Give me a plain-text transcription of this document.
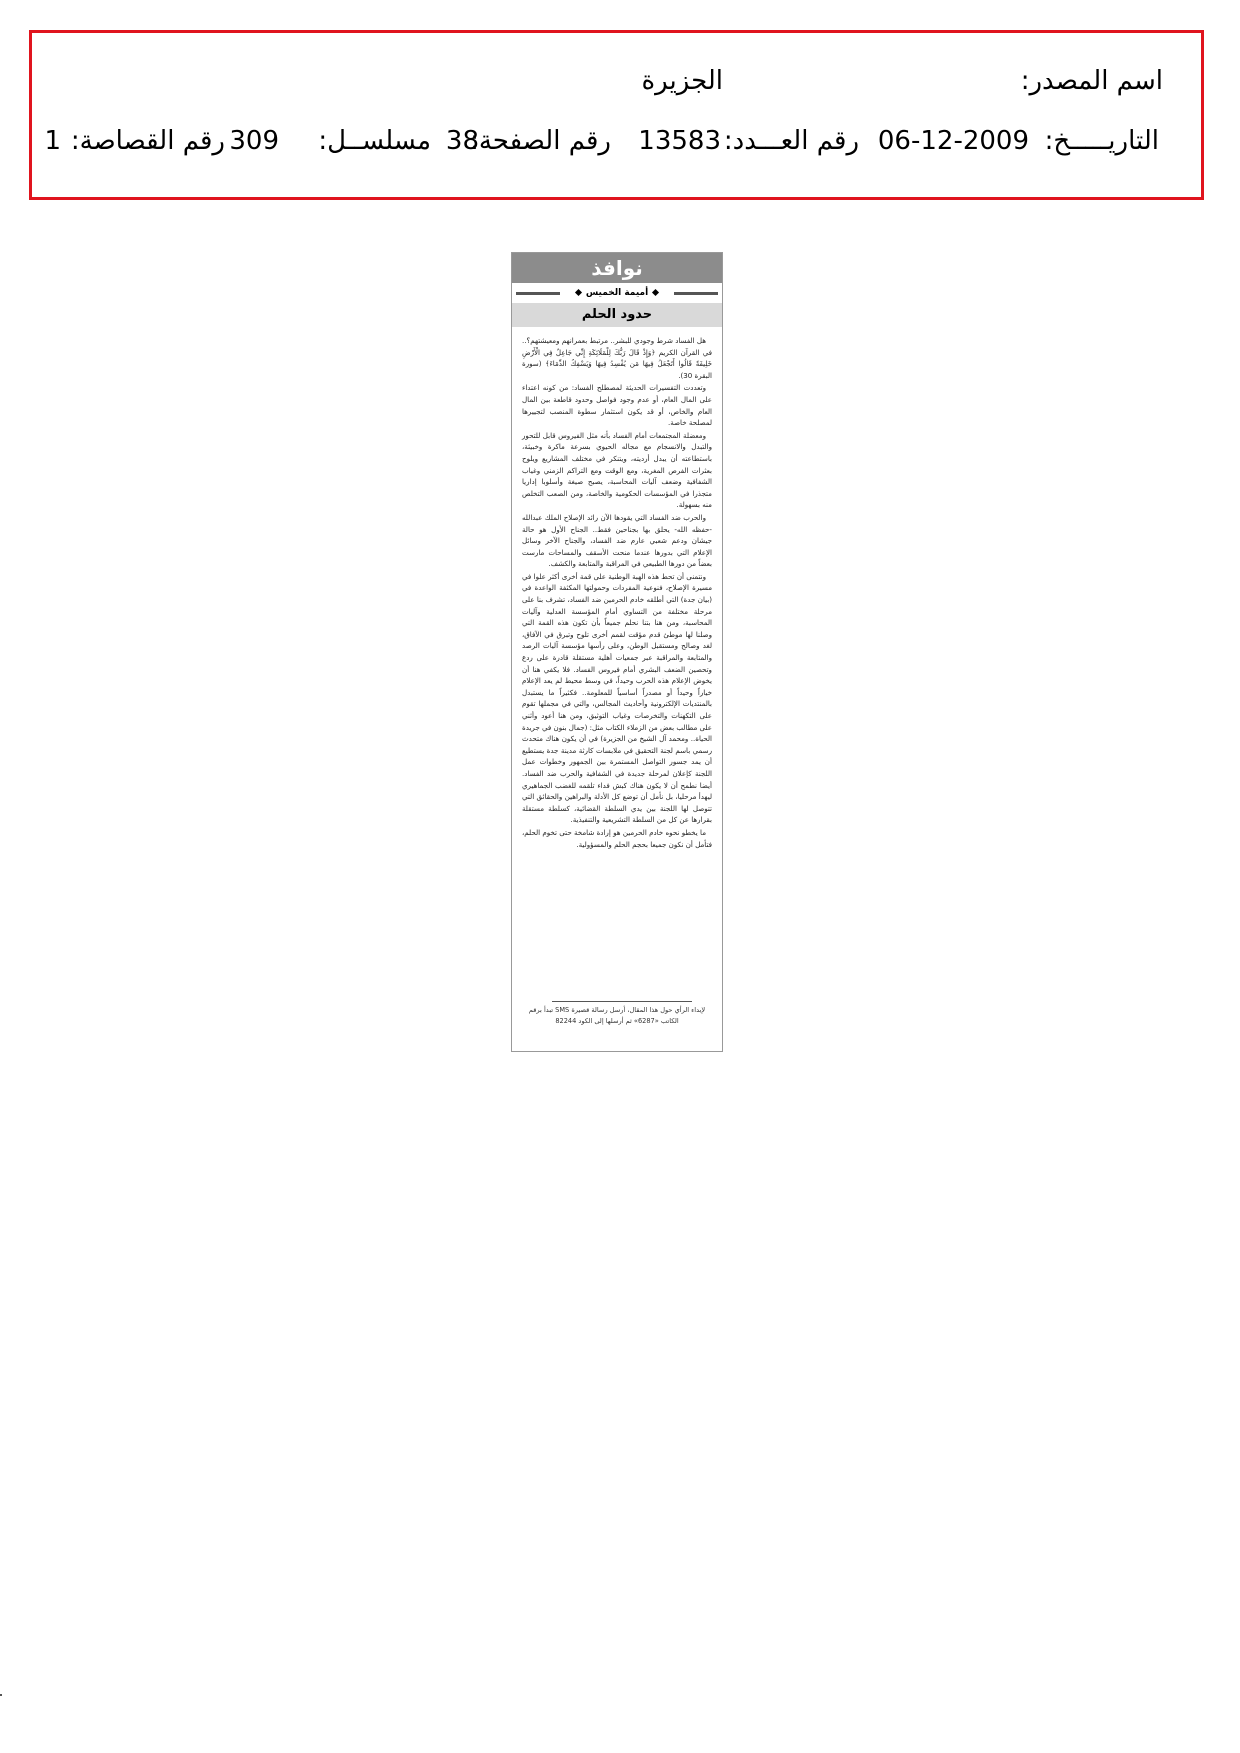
اسم المصدر:
الجزيرة
التاريـــــخ:
06-12-2009
رقم العـــدد:
13583
رقم الصفحة:
38
مسلســل:
309
رقم القصاصة:
1
نوافذ
أميمة الخميس
حدود الحلم

هل الفساد شرط وجودي للبشر.. مرتبط بعمرانهم ومعيشتهم؟.. في القرآن الكريم ﴿وَإِذْ قَالَ رَبُّكَ لِلْمَلَائِكَةِ إِنِّي جَاعِلٌ فِي الْأَرْضِ خَلِيفَةً قَالُوا أَتَجْعَلُ فِيهَا مَن يُفْسِدُ فِيهَا وَيَسْفِكُ الدِّمَاءَ﴾ (سورة البقرة 30).

وتعددت التفسيرات الحديثة لمصطلح الفساد: من كونه اعتداء على المال العام، أو عدم وجود فواصل وحدود قاطعة بين المال العام والخاص، أو قد يكون استثمار سطوة المنصب لتجييرها لمصلحة خاصة.

ومعضلة المجتمعات أمام الفساد بأنه مثل الفيروس قابل للتحور والتبدل والانسجام مع مجاله الحيوي بسرعة ماكرة وخبيثة، باستطاعته أن يبدل أرديته، ويتنكر في مختلف المشاريع ويلوح بعثرات الفرص المغرية، ومع الوقت ومع التراكم الزمني وغياب الشفافية وضعف آليات المحاسبة، يصبح صيغة وأسلوبا إداريا متجذرا في المؤسسات الحكومية والخاصة، ومن الصعب التخلص منه بسهولة.

والحرب ضد الفساد التي يقودها الآن رائد الإصلاح الملك عبدالله -حفظه الله- يحلق بها بجناحين فقط.. الجناح الأول هو حالة جيشان ودعم شعبي عارم ضد الفساد، والجناح الآخر وسائل الإعلام التي بدورها عندما منحت الأسقف والمساحات مارست بعضاً من دورها الطبيعي في المراقبة والمتابعة والكشف.

ونتمنى أن تحط هذه الهبة الوطنية على قمة أخرى أكثر علوا في مسيرة الإصلاح، فنوعية المفردات وحمولتها المكثفة الواعدة في (بيان جدة) التي أطلقه خادم الحرمين ضد الفساد، تشرف بنا على مرحلة مختلفة من التساوي أمام المؤسسة العدلية وآليات المحاسبة، ومن هنا بتنا نحلم جميعاً بأن تكون هذه القمة التي وصلنا لها موطئ قدم مؤقت لقمم أخرى تلوح وتبرق في الآفاق، لغد وصالح ومستقبل الوطن، وعلى رأسها مؤسسة آليات الرصد والمتابعة والمراقبة عبر جمعيات أهلية مستقلة قادرة على ردع وتحصين الضعف البشري أمام فيروس الفساد. فلا يكفي هنا أن يخوض الإعلام هذه الحرب وحيداً، في وسط محيط لم يعد الإعلام خياراً وحيداً أو مصدراً أساسياً للمعلومة.. فكثيراً ما يستبدل بالمنتديات الإلكترونية وأحاديث المجالس، والتي في مجملها تقوم على التكهنات والتخرصات وغياب التوثيق، ومن هنا أعود وأثني على مطالب بعض من الزملاء الكتاب مثل: (جمال بنون في جريدة الحياة.. ومحمد آل الشيخ من الجزيرة) في أن يكون هناك متحدث رسمي باسم لجنة التحقيق في ملابسات كارثة مدينة جدة يستطيع أن يمد جسور التواصل المستمرة بين الجمهور وخطوات عمل اللجنة كإعلان لمرحلة جديدة في الشفافية والحرب ضد الفساد. أيضا نطمح أن لا يكون هناك كبش فداء تلقمه للغضب الجماهيري ليهدأ مرحليا، بل نأمل أن توضع كل الأدلة والبراهين والحقائق التي تتوصل لها اللجنة بين يدي السلطة القضائية، كسلطة مستقلة بقرارها عن كل من السلطة التشريعية والتنفيذية.

ما يخطو نحوه خادم الحرمين هو إرادة شامخة حتى تخوم الحلم، فتأمل أن نكون جميعا بحجم الحلم والمسؤولية.

لإبداء الرأي حول هذا المقال، أرسل رسالة قصيرة SMS تبدأ برقم الكاتب «6287» ثم أرسلها إلى الكود 82244
